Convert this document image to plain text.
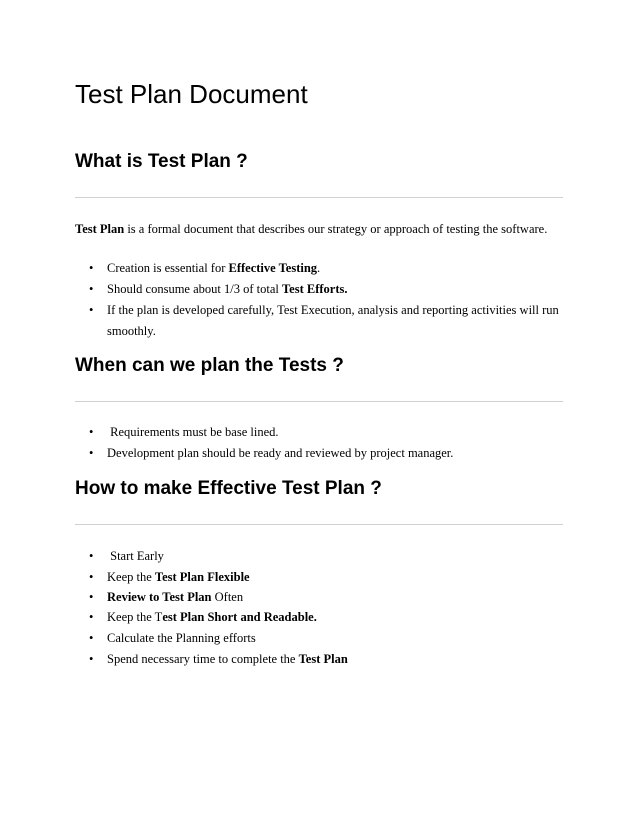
Test Plan Document
What is Test Plan ?

Test Plan is a formal document that describes our strategy or approach of testing the software.

• Creation is essential for Effective Testing.

• Should consume about 1/3 of total Test Efforts.

• If the plan is developed carefully, Test Execution, analysis and reporting activities will run smoothly.

When can we plan the Tests ?
• Requirements must be base lined.

• Development plan should be ready and reviewed by project manager.

How to make Effective Test Plan ?
• Start Early

• Keep the Test Plan Flexible

• Review to Test Plan Often

• Keep the Test Plan Short and Readable.

• Calculate the Planning efforts

• Spend necessary time to complete the Test Plan
